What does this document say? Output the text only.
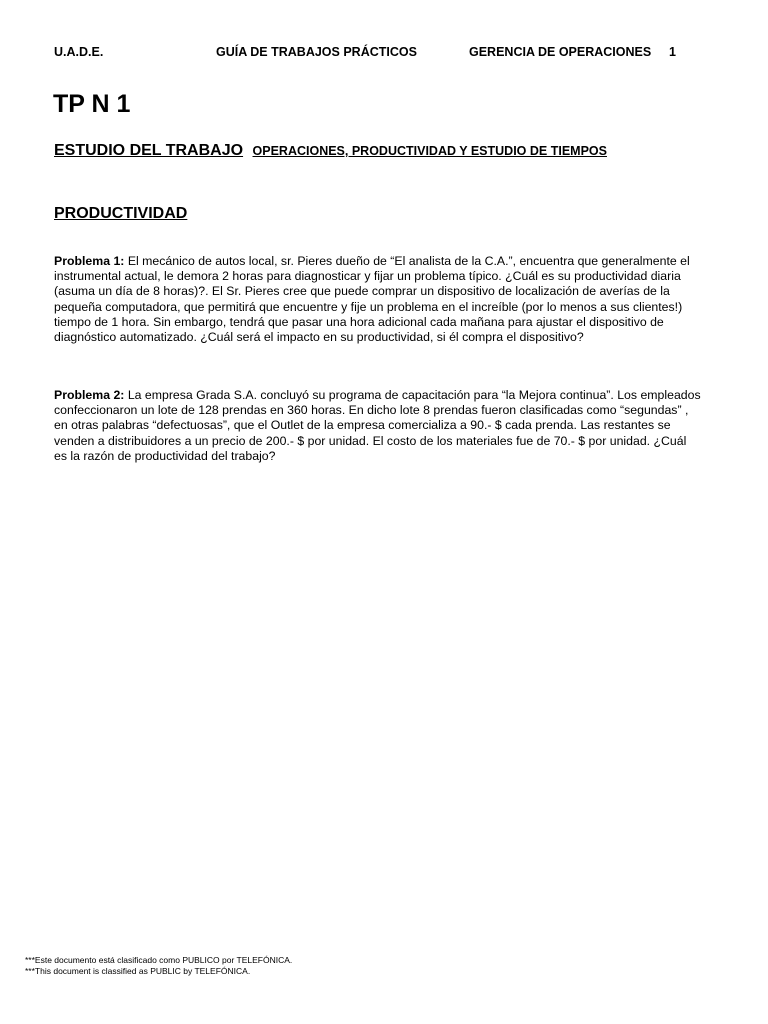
U.A.D.E.	GUÍA DE TRABAJOS PRÁCTICOS	GERENCIA DE OPERACIONES 1
TP N 1
ESTUDIO DEL TRABAJO OPERACIONES, PRODUCTIVIDAD Y ESTUDIO DE TIEMPOS
PRODUCTIVIDAD

Problema 1: El mecánico de autos local, sr. Pieres dueño de “El analista de la C.A.”, encuentra que generalmente el
instrumental actual, le demora 2 horas para diagnosticar y fijar un problema típico. ¿Cuál es su productividad diaria
(asuma un día de 8 horas)?. El Sr. Pieres cree que puede comprar un dispositivo de localización de averías de la
pequeña computadora, que permitirá que encuentre y fije un problema en el increíble (por lo menos a sus clientes!)
tiempo de 1 hora. Sin embargo, tendrá que pasar una hora adicional cada mañana para ajustar el dispositivo de
diagnóstico automatizado. ¿Cuál será el impacto en su productividad, si él compra el dispositivo?

Problema 2: La empresa Grada S.A. concluyó su programa de capacitación para “la Mejora continua”. Los empleados
confeccionaron un lote de 128 prendas en 360 horas. En dicho lote 8 prendas fueron clasificadas como “segundas” ,
en otras palabras “defectuosas”, que el Outlet de la empresa comercializa a 90.- $ cada prenda. Las restantes se
venden a distribuidores a un precio de 200.- $ por unidad. El costo de los materiales fue de 70.- $ por unidad. ¿Cuál
es la razón de productividad del trabajo?

***Este documento está clasificado como PUBLICO por TELEFÓNICA.
***This document is classified as PUBLIC by TELEFÓNICA.
